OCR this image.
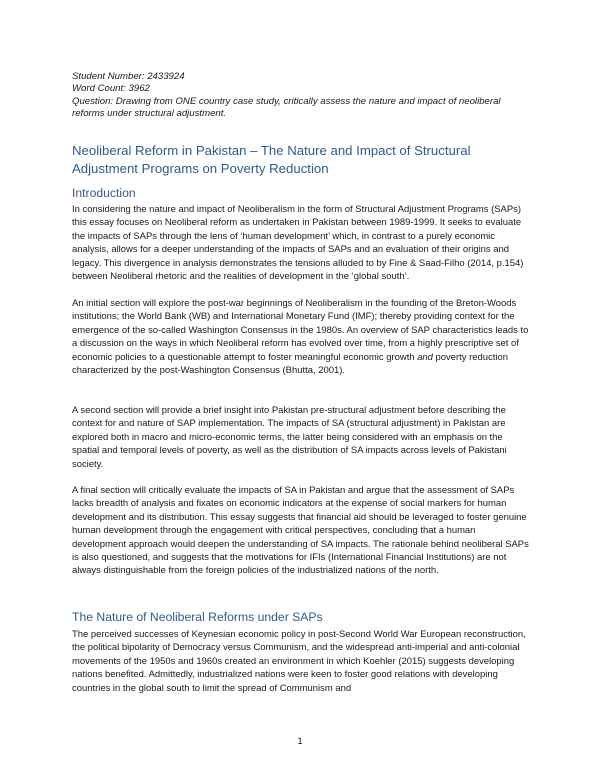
Student Number: 2433924
Word Count: 3962
Question: Drawing from ONE country case study, critically assess the nature and impact of neoliberal
reforms under structural adjustment.
Neoliberal Reform in Pakistan – The Nature and Impact of Structural Adjustment Programs on Poverty Reduction
Introduction

In considering the nature and impact of Neoliberalism in the form of Structural Adjustment Programs (SAPs) this essay focuses on Neoliberal reform as undertaken in Pakistan between 1989-1999. It seeks to evaluate the impacts of SAPs through the lens of ‘human development’ which, in contrast to a purely economic analysis, allows for a deeper understanding of the impacts of SAPs and an evaluation of their origins and legacy. This divergence in analysis demonstrates the tensions alluded to by Fine & Saad-Filho (2014, p.154) between Neoliberal rhetoric and the realities of development in the ‘global south’.

An initial section will explore the post-war beginnings of Neoliberalism in the founding of the Breton-Woods institutions; the World Bank (WB) and International Monetary Fund (IMF); thereby providing context for the emergence of the so-called Washington Consensus in the 1980s. An overview of SAP characteristics leads to a discussion on the ways in which Neoliberal reform has evolved over time, from a highly prescriptive set of economic policies to a questionable attempt to foster meaningful economic growth and poverty reduction characterized by the post-Washington Consensus (Bhutta, 2001).

A second section will provide a brief insight into Pakistan pre-structural adjustment before describing the context for and nature of SAP implementation. The impacts of SA (structural adjustment) in Pakistan are explored both in macro and micro-economic terms, the latter being considered with an emphasis on the spatial and temporal levels of poverty, as well as the distribution of SA impacts across levels of Pakistani society.

A final section will critically evaluate the impacts of SA in Pakistan and argue that the assessment of SAPs lacks breadth of analysis and fixates on economic indicators at the expense of social markers for human development and its distribution. This essay suggests that financial aid should be leveraged to foster genuine human development through the engagement with critical perspectives, concluding that a human development approach would deepen the understanding of SA impacts. The rationale behind neoliberal SAPs is also questioned, and suggests that the motivations for IFIs (International Financial Institutions) are not always distinguishable from the foreign policies of the industrialized nations of the north.

The Nature of Neoliberal Reforms under SAPs

The perceived successes of Keynesian economic policy in post-Second World War European reconstruction, the political bipolarity of Democracy versus Communism, and the widespread anti-imperial and anti-colonial movements of the 1950s and 1960s created an environment in which Koehler (2015) suggests developing nations benefited. Admittedly, industrialized nations were keen to foster good relations with developing countries in the global south to limit the spread of Communism and

1
